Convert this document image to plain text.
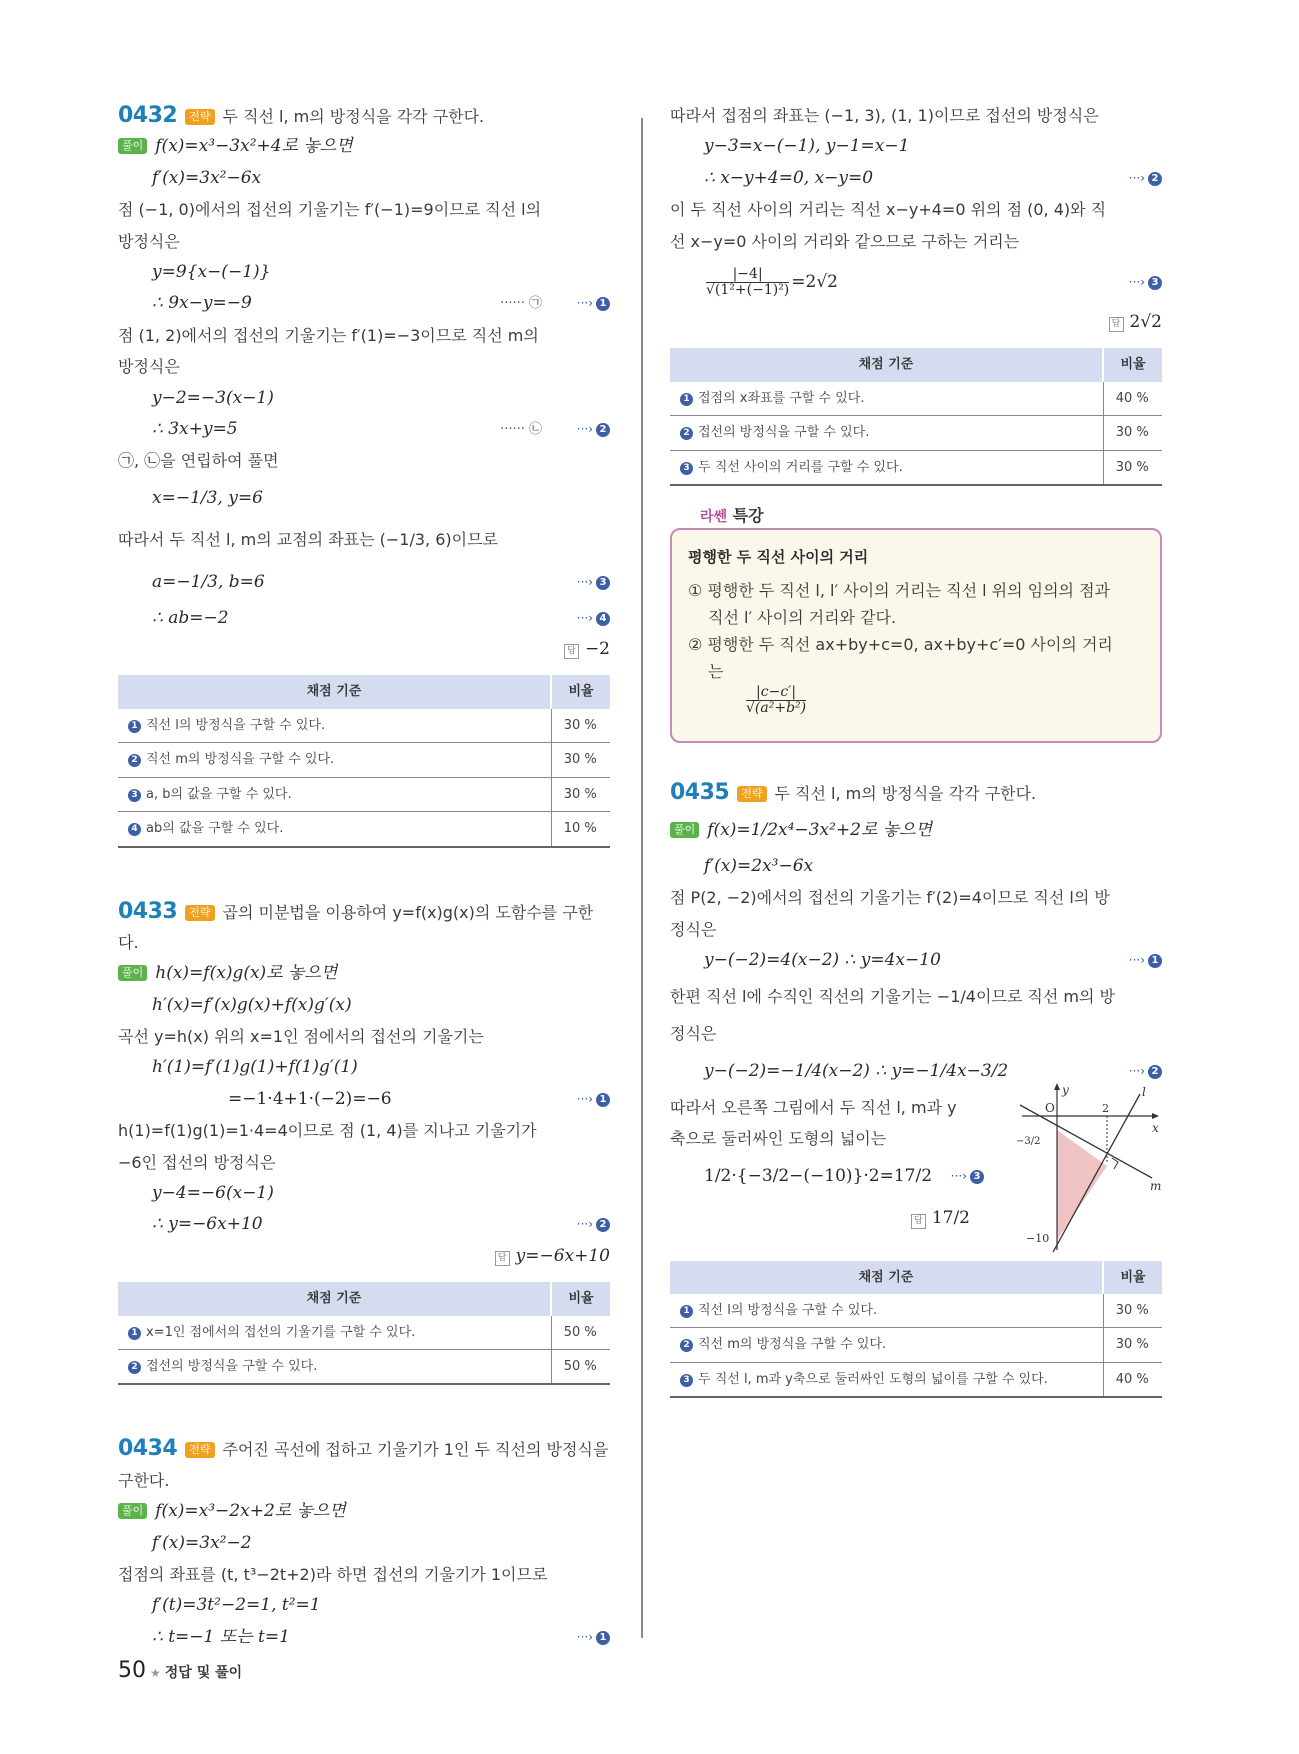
0432 전략 두 직선 l, m의 방정식을 각각 구한다.
풀이 f(x)=x³−3x²+4로 놓으면
f′(x)=3x²−6x
점 (−1, 0)에서의 접선의 기울기는 f′(−1)=9이므로 직선 l의
방정식은
y=9{x−(−1)}
∴ 9x−y=−9	······ ㉠	···› 1
점 (1, 2)에서의 접선의 기울기는 f′(1)=−3이므로 직선 m의
방정식은
y−2=−3(x−1)
∴ 3x+y=5	······ ㉡	···› 2
㉠, ㉡을 연립하여 풀면
x=−1/3, y=6
따라서 두 직선 l, m의 교점의 좌표는 (−1/3, 6)이므로
a=−1/3, b=6	···› 3
∴ ab=−2	···› 4
답 −2
채점 기준	비율
1 직선 l의 방정식을 구할 수 있다.	30 %
2 직선 m의 방정식을 구할 수 있다.	30 %
3 a, b의 값을 구할 수 있다.	30 %
4 ab의 값을 구할 수 있다.	10 %
0433 전략 곱의 미분법을 이용하여 y=f(x)g(x)의 도함수를 구한
다.
풀이 h(x)=f(x)g(x)로 놓으면
h′(x)=f′(x)g(x)+f(x)g′(x)
곡선 y=h(x) 위의 x=1인 점에서의 접선의 기울기는
h′(1)=f′(1)g(1)+f(1)g′(1)
=−1·4+1·(−2)=−6	···› 1
h(1)=f(1)g(1)=1·4=4이므로 점 (1, 4)를 지나고 기울기가
−6인 접선의 방정식은
y−4=−6(x−1)
∴ y=−6x+10	···› 2
답 y=−6x+10
채점 기준	비율
1 x=1인 점에서의 접선의 기울기를 구할 수 있다.	50 %
2 접선의 방정식을 구할 수 있다.	50 %
0434 전략 주어진 곡선에 접하고 기울기가 1인 두 직선의 방정식을
구한다.
풀이 f(x)=x³−2x+2로 놓으면
f′(x)=3x²−2
접점의 좌표를 (t, t³−2t+2)라 하면 접선의 기울기가 1이므로
f′(t)=3t²−2=1, t²=1
∴ t=−1 또는 t=1	···› 1
따라서 접점의 좌표는 (−1, 3), (1, 1)이므로 접선의 방정식은
y−3=x−(−1), y−1=x−1
∴ x−y+4=0, x−y=0	···› 2
이 두 직선 사이의 거리는 직선 x−y+4=0 위의 점 (0, 4)와 직
선 x−y=0 사이의 거리와 같으므로 구하는 거리는
$\frac{|-4|}{\text{√(1²+(−1)²)}} =2√2$	···› 3
답 2√2
채점 기준	비율
1 접점의 x좌표를 구할 수 있다.	40 %
2 접선의 방정식을 구할 수 있다.	30 %
3 두 직선 사이의 거리를 구할 수 있다.	30 %
라쎈 특강
평행한 두 직선 사이의 거리
① 평행한 두 직선 l, l′ 사이의 거리는 직선 l 위의 임의의 점과
직선 l′ 사이의 거리와 같다.
② 평행한 두 직선 ax+by+c=0, ax+by+c′=0 사이의 거리
는
$\frac{|c-c'|}{\text{√(a²+b²)}}$
0435 전략 두 직선 l, m의 방정식을 각각 구한다.
풀이 f(x)=1/2x⁴−3x²+2로 놓으면
f′(x)=2x³−6x
점 P(2, −2)에서의 접선의 기울기는 f′(2)=4이므로 직선 l의 방
정식은
y−(−2)=4(x−2) ∴ y=4x−10	···› 1
한편 직선 l에 수직인 직선의 기울기는 −1/4이므로 직선 m의 방
정식은
y−(−2)=−1/4(x−2) ∴ y=−1/4x−3/2	···› 2
따라서 오른쪽 그림에서 두 직선 l, m과 y
축으로 둘러싸인 도형의 넓이는
1/2·{−3/2−(−10)}·2=17/2 ···› 3
답 17/2
y
O	2
x
l
m
−3/2
−10
채점 기준	비율
1 직선 l의 방정식을 구할 수 있다.	30 %
2 직선 m의 방정식을 구할 수 있다.	30 %
3 두 직선 l, m과 y축으로 둘러싸인 도형의 넓이를 구할 수 있다.	40 %
50 ★ 정답 및 풀이
